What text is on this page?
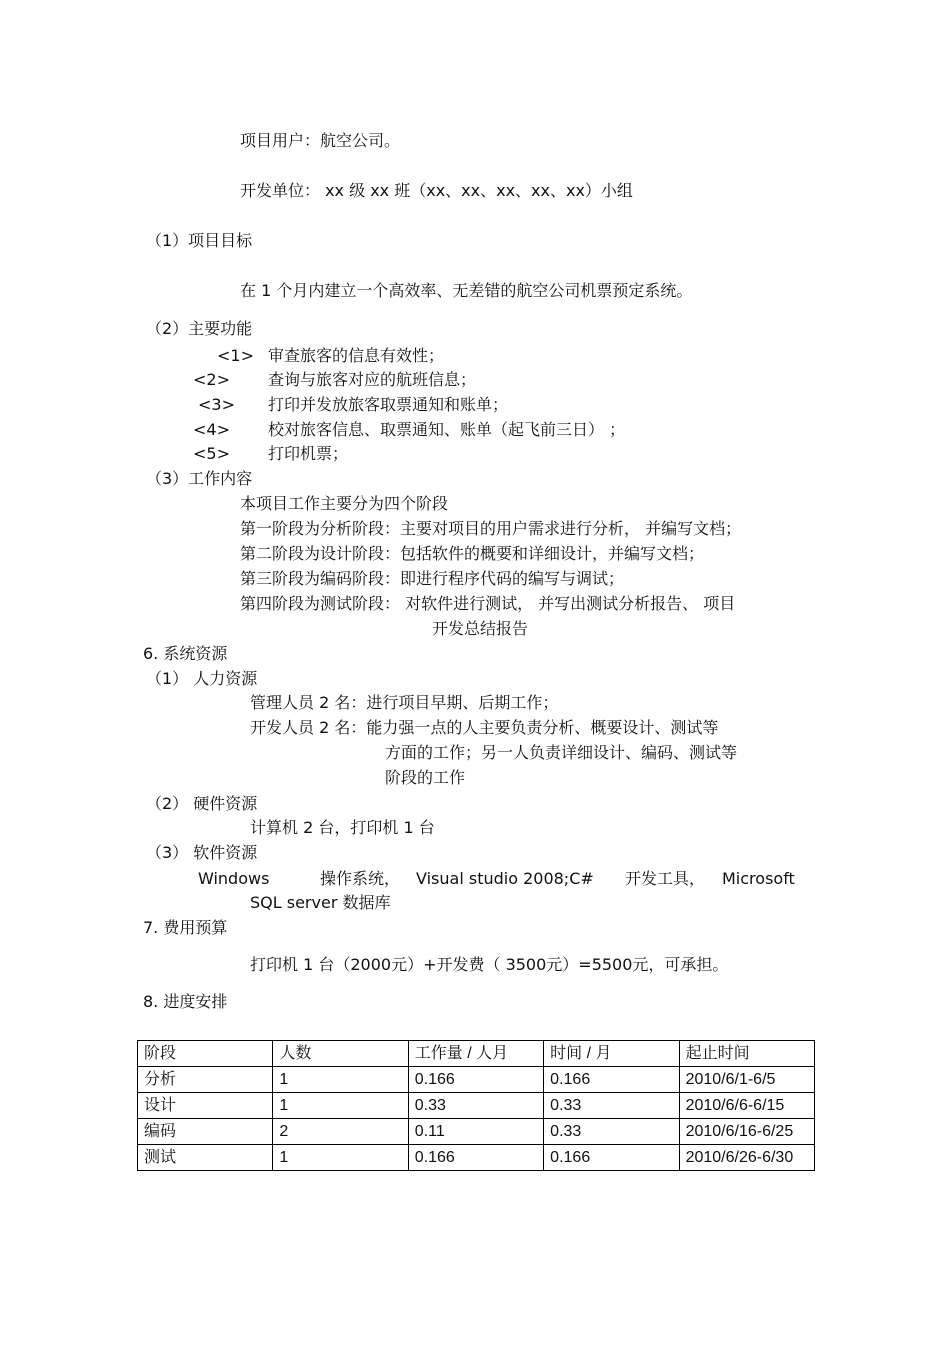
项目用户：航空公司。
开发单位： xx 级 xx 班（xx、xx、xx、xx、xx）小组
（1）项目目标
在 1 个月内建立一个高效率、无差错的航空公司机票预定系统。
（2）主要功能
<1> 审查旅客的信息有效性；
<2> 查询与旅客对应的航班信息；
<3> 打印并发放旅客取票通知和账单；
<4> 校对旅客信息、取票通知、账单（起飞前三日） ；
<5> 打印机票；
（3）工作内容
本项目工作主要分为四个阶段
第一阶段为分析阶段：主要对项目的用户需求进行分析， 并编写文档；
第二阶段为设计阶段：包括软件的概要和详细设计，并编写文档；
第三阶段为编码阶段：即进行程序代码的编写与调试；
第四阶段为测试阶段： 对软件进行测试， 并写出测试分析报告、 项目
开发总结报告
6. 系统资源
（1） 人力资源
管理人员 2 名：进行项目早期、后期工作；
开发人员 2 名：能力强一点的人主要负责分析、概要设计、测试等
方面的工作；另一人负责详细设计、编码、测试等
阶段的工作
（2） 硬件资源
计算机 2 台，打印机 1 台
（3） 软件资源
Windows	操作系统， Visual studio 2008;C# 开发工具， Microsoft
SQL server 数据库
7. 费用预算
打印机 1 台（2000元）+开发费（ 3500元）=5500元，可承担。
8. 进度安排
阶段	人数	工作量 / 人月	时间 / 月	起止时间
分析	1	0.166	0.166	2010/6/1-6/5
设计	1	0.33	0.33	2010/6/6-6/15
编码	2	0.11	0.33	2010/6/16-6/25
测试	1	0.166	0.166	2010/6/26-6/30
